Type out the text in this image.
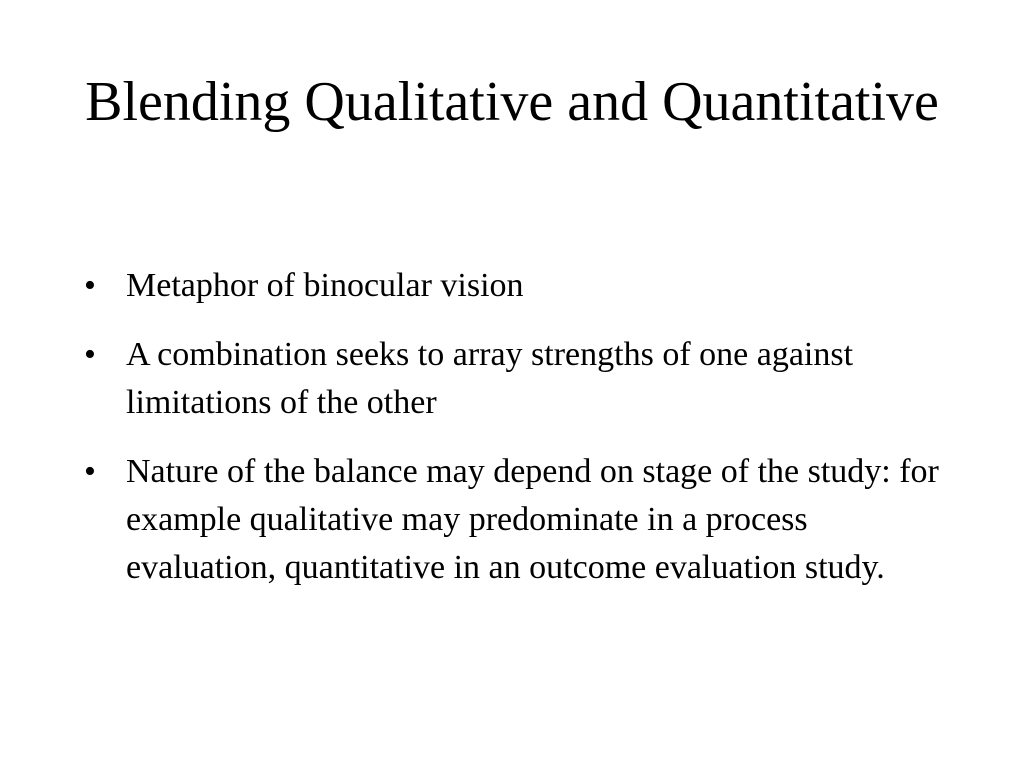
Blending Qualitative and Quantitative
• Metaphor of binocular vision
• A combination seeks to array strengths of one against limitations of the other
• Nature of the balance may depend on stage of the study: for example qualitative may predominate in a process evaluation, quantitative in an outcome evaluation study.
